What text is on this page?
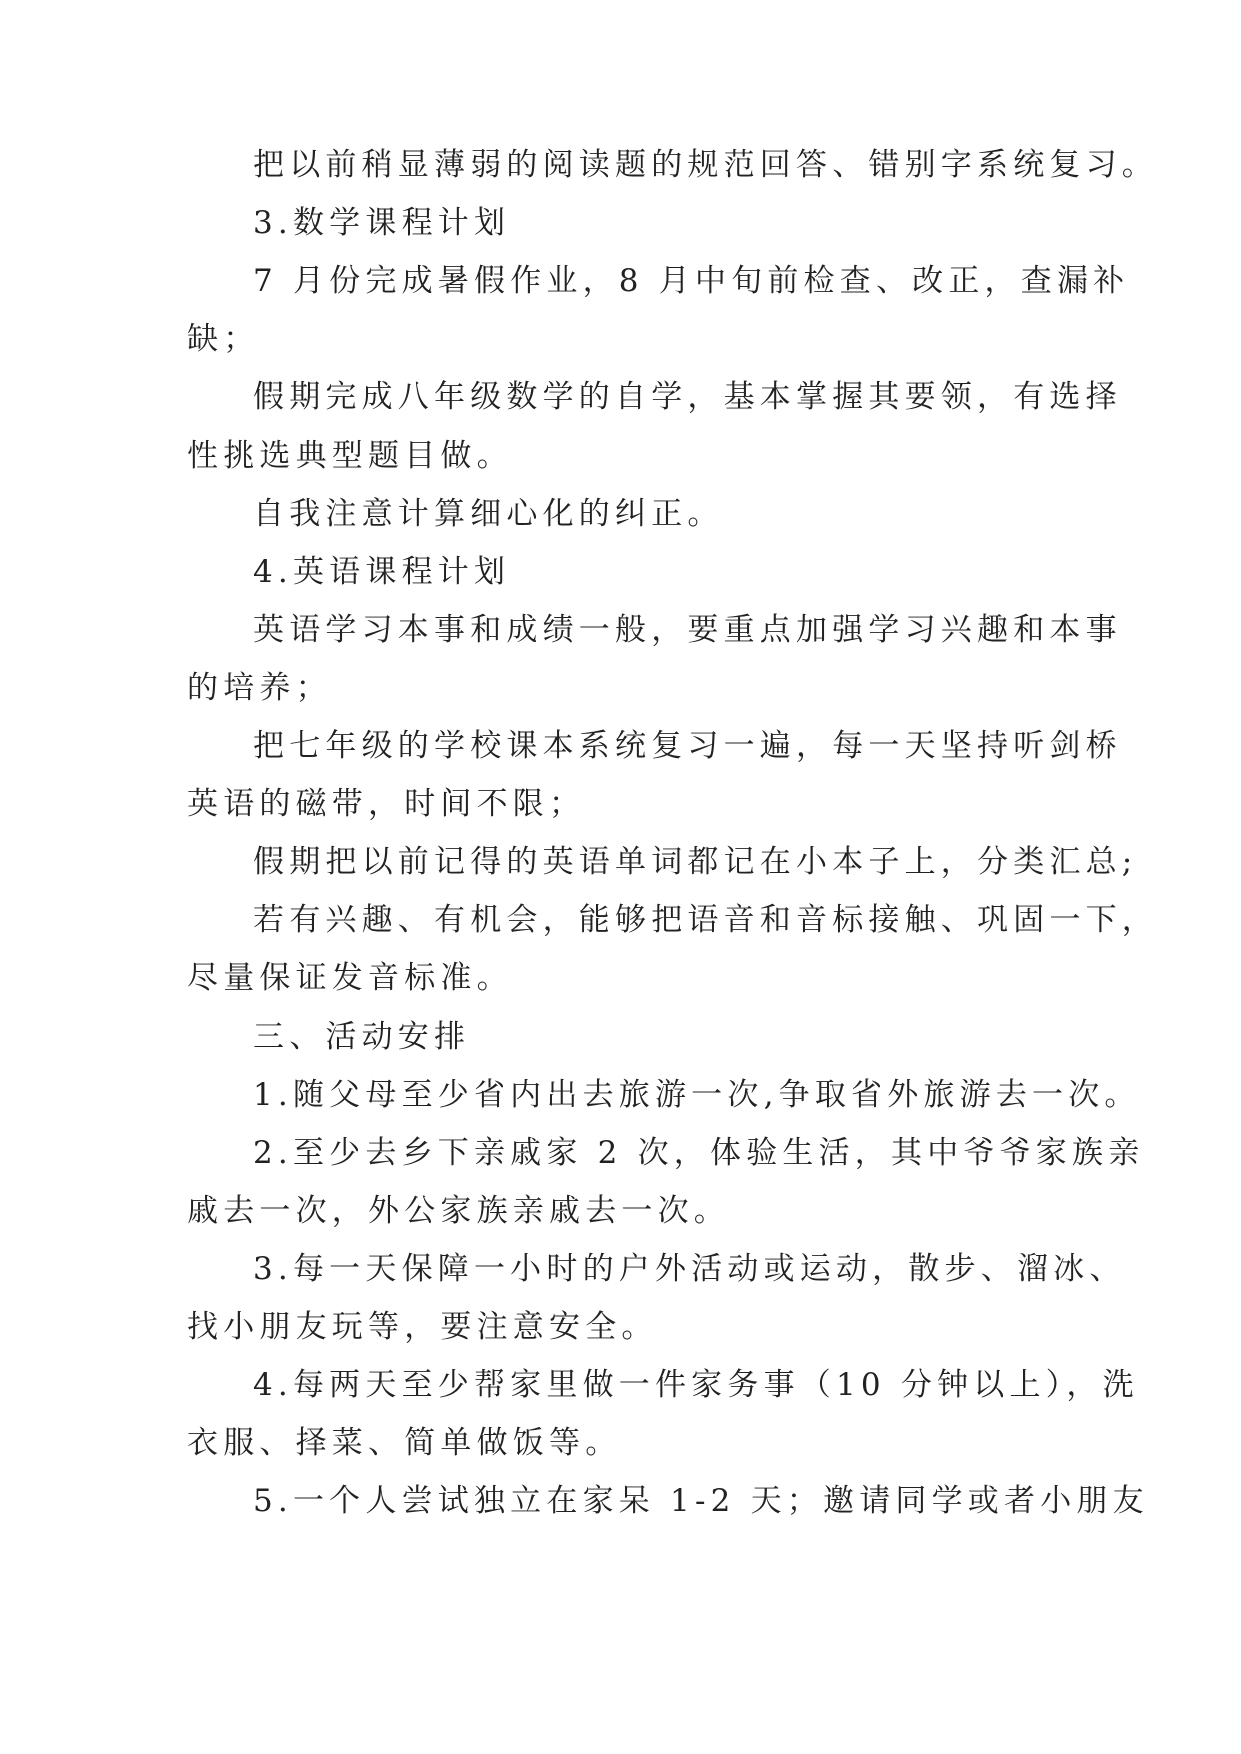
把以前稍显薄弱的阅读题的规范回答、错别字系统复习。
3.数学课程计划
7 月份完成暑假作业，8 月中旬前检查、改正，查漏补
缺；
假期完成八年级数学的自学，基本掌握其要领，有选择
性挑选典型题目做。
自我注意计算细心化的纠正。
4.英语课程计划
英语学习本事和成绩一般，要重点加强学习兴趣和本事
的培养；
把七年级的学校课本系统复习一遍，每一天坚持听剑桥
英语的磁带，时间不限；
假期把以前记得的英语单词都记在小本子上，分类汇总;
若有兴趣、有机会，能够把语音和音标接触、巩固一下，
尽量保证发音标准。
三、活动安排
1.随父母至少省内出去旅游一次,争取省外旅游去一次。
2.至少去乡下亲戚家 2 次，体验生活，其中爷爷家族亲
戚去一次，外公家族亲戚去一次。
3.每一天保障一小时的户外活动或运动，散步、溜冰、
找小朋友玩等，要注意安全。
4.每两天至少帮家里做一件家务事（10 分钟以上），洗
衣服、择菜、简单做饭等。
5.一个人尝试独立在家呆 1-2 天；邀请同学或者小朋友
